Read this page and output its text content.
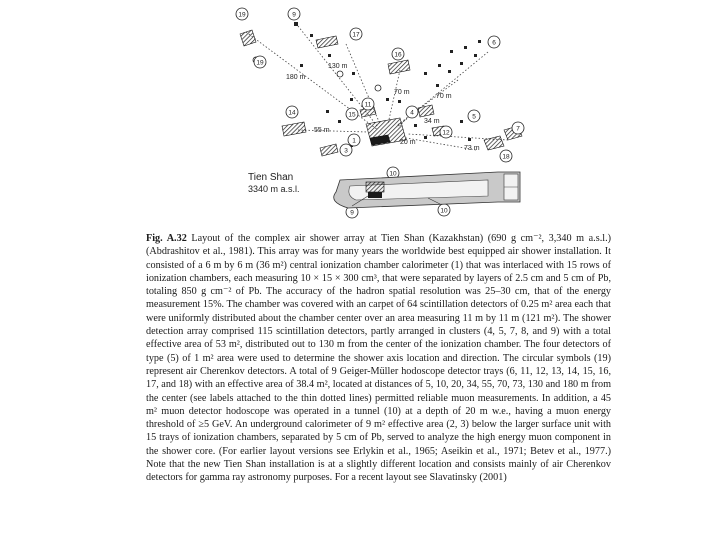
180 m
130 m
70 m
70 m
55 m
34 m
20 m
73 m
19	9
19
17
16
6
14
11
15	4
12
3
1
5
7
18
10
9	10
Tien Shan
3340 m a.s.l.
Fig. A.32 Layout of the complex air shower array at Tien Shan (Kazakhstan) (690 g cm⁻², 3,340 m a.s.l.) (Abdrashitov et al., 1981). This array was for many years the worldwide best equipped air shower installation. It consisted of a 6 m by 6 m (36 m²) central ionization chamber calorimeter (1) that was interlaced with 15 rows of ionization chambers, each measuring 10 × 15 × 300 cm³, that were separated by layers of 2.5 cm and 5 cm of Pb, totaling 850 g cm⁻² of Pb. The accuracy of the hadron spatial resolution was 25–30 cm, that of the energy measurement 15%. The chamber was covered with an carpet of 64 scintillation detectors of 0.25 m² area each that were uniformly distributed about the chamber center over an area measuring 11 m by 11 m (121 m²). The shower detection array comprised 115 scintillation detectors, partly arranged in clusters (4, 5, 7, 8, and 9) with a total effective area of 53 m², distributed out to 130 m from the center of the ionization chamber. The four detectors of type (5) of 1 m² area were used to determine the shower axis location and direction. The circular symbols (19) represent air Cherenkov detectors. A total of 9 Geiger-Müller hodoscope detector trays (6, 11, 12, 13, 14, 15, 16, 17, and 18) with an effective area of 38.4 m², located at distances of 5, 10, 20, 34, 55, 70, 73, 130 and 180 m from the center (see labels attached to the thin dotted lines) permitted reliable muon measurements. In addition, a 45 m² muon detector hodoscope was operated in a tunnel (10) at a depth of 20 m w.e., having a muon energy threshold of ≥5 GeV. An underground calorimeter of 9 m² effective area (2, 3) below the larger surface unit with 15 trays of ionization chambers, separated by 5 cm of Pb, served to analyze the high energy muon component in the shower core. (For earlier layout versions see Erlykin et al., 1965; Aseikin et al., 1971; Betev et al., 1977.) Note that the new Tien Shan installation is at a slightly different location and consists mainly of air Cherenkov detectors for gamma ray astronomy purposes. For a recent layout see Slavatinsky (2001)
